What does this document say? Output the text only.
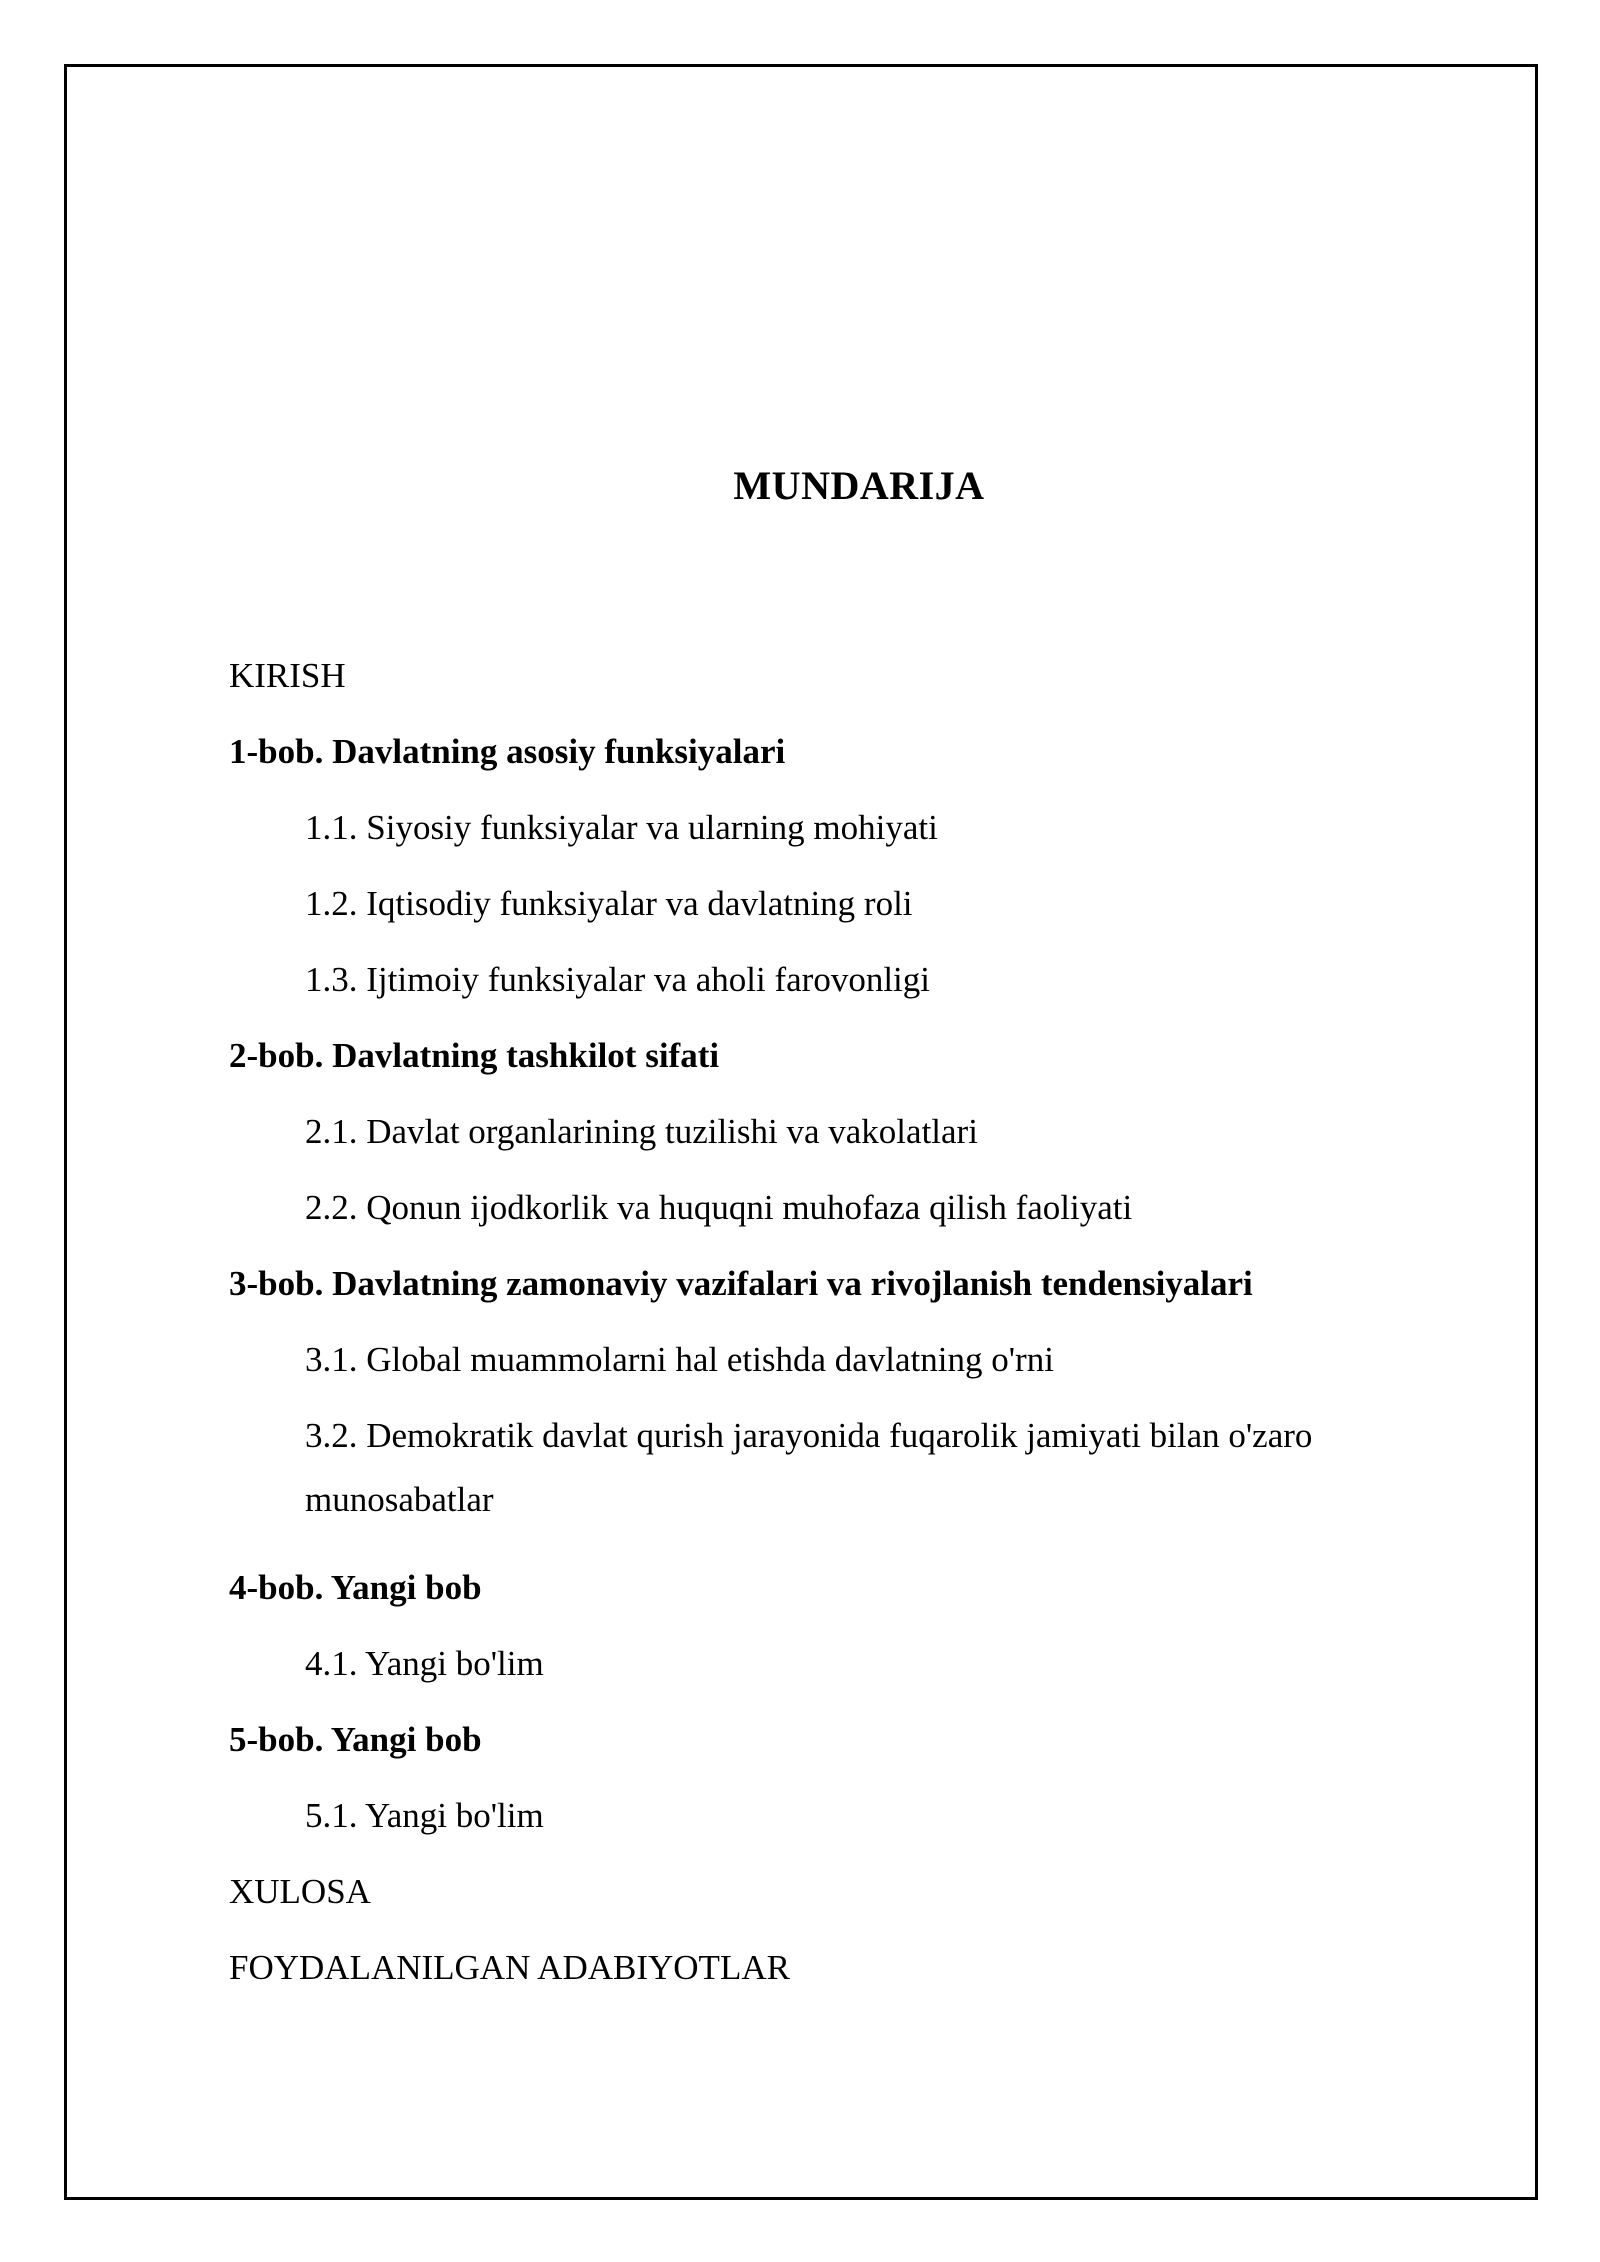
MUNDARIJA
KIRISH
1-bob. Davlatning asosiy funksiyalari
1.1. Siyosiy funksiyalar va ularning mohiyati
1.2. Iqtisodiy funksiyalar va davlatning roli
1.3. Ijtimoiy funksiyalar va aholi farovonligi
2-bob. Davlatning tashkilot sifati
2.1. Davlat organlarining tuzilishi va vakolatlari
2.2. Qonun ijodkorlik va huquqni muhofaza qilish faoliyati
3-bob. Davlatning zamonaviy vazifalari va rivojlanish tendensiyalari
3.1. Global muammolarni hal etishda davlatning o'rni
3.2. Demokratik davlat qurish jarayonida fuqarolik jamiyati bilan o'zaro munosabatlar
4-bob. Yangi bob
4.1. Yangi bo'lim
5-bob. Yangi bob
5.1. Yangi bo'lim
XULOSA
FOYDALANILGAN ADABIYOTLAR
